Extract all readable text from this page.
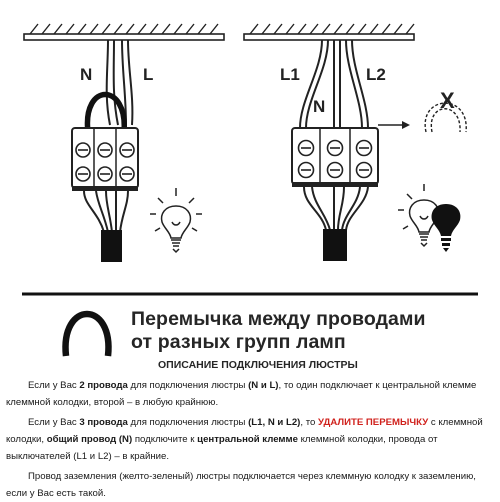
N	L	L1	L2
N	X
Перемычка между проводами
от разных групп ламп
ОПИСАНИЕ ПОДКЛЮЧЕНИЯ ЛЮСТРЫ
Если у Вас 2 провода для подключения люстры (N и L), то один подключает к центральной клемме клеммной колодки, второй – в любую крайнюю.
Если у Вас 3 провода для подключения люстры (L1, N и L2), то УДАЛИТЕ ПЕРЕМЫЧКУ с клеммной колодки, общий провод (N) подключите к центральной клемме клеммной колодки, провода от выключателей (L1 и L2) – в крайние.
Провод заземления (желто-зеленый) люстры подключается через клеммную колодку к заземлению, если у Вас есть такой.
